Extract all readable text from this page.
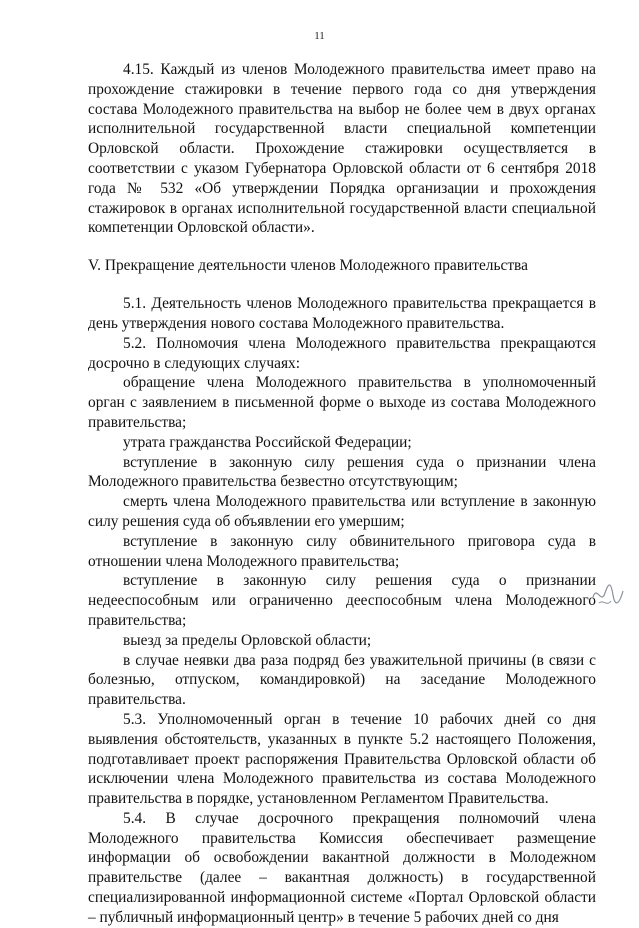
11

4.15. Каждый из членов Молодежного правительства имеет право на прохождение стажировки в течение первого года со дня утверждения состава Молодежного правительства на выбор не более чем в двух органах исполнительной государственной власти специальной компетенции Орловской области. Прохождение стажировки осуществляется в соответствии с указом Губернатора Орловской области от 6 сентября 2018 года № 532 «Об утверждении Порядка организации и прохождения стажировок в органах исполнительной государственной власти специальной компетенции Орловской области».

V. Прекращение деятельности членов Молодежного правительства

5.1. Деятельность членов Молодежного правительства прекращается в день утверждения нового состава Молодежного правительства.

5.2. Полномочия члена Молодежного правительства прекращаются досрочно в следующих случаях:

обращение члена Молодежного правительства в уполномоченный орган с заявлением в письменной форме о выходе из состава Молодежного правительства;

утрата гражданства Российской Федерации;

вступление в законную силу решения суда о признании члена Молодежного правительства безвестно отсутствующим;

смерть члена Молодежного правительства или вступление в законную силу решения суда об объявлении его умершим;

вступление в законную силу обвинительного приговора суда в отношении члена Молодежного правительства;

вступление в законную силу решения суда о признании недееспособным или ограниченно дееспособным члена Молодежного правительства;

выезд за пределы Орловской области;

в случае неявки два раза подряд без уважительной причины (в связи с болезнью, отпуском, командировкой) на заседание Молодежного правительства.

5.3. Уполномоченный орган в течение 10 рабочих дней со дня выявления обстоятельств, указанных в пункте 5.2 настоящего Положения, подготавливает проект распоряжения Правительства Орловской области об исключении члена Молодежного правительства из состава Молодежного правительства в порядке, установленном Регламентом Правительства.

5.4. В случае досрочного прекращения полномочий члена Молодежного правительства Комиссия обеспечивает размещение информации об освобождении вакантной должности в Молодежном правительстве (далее – вакантная должность) в государственной специализированной информационной системе «Портал Орловской области – публичный информационный центр» в течение 5 рабочих дней со дня
